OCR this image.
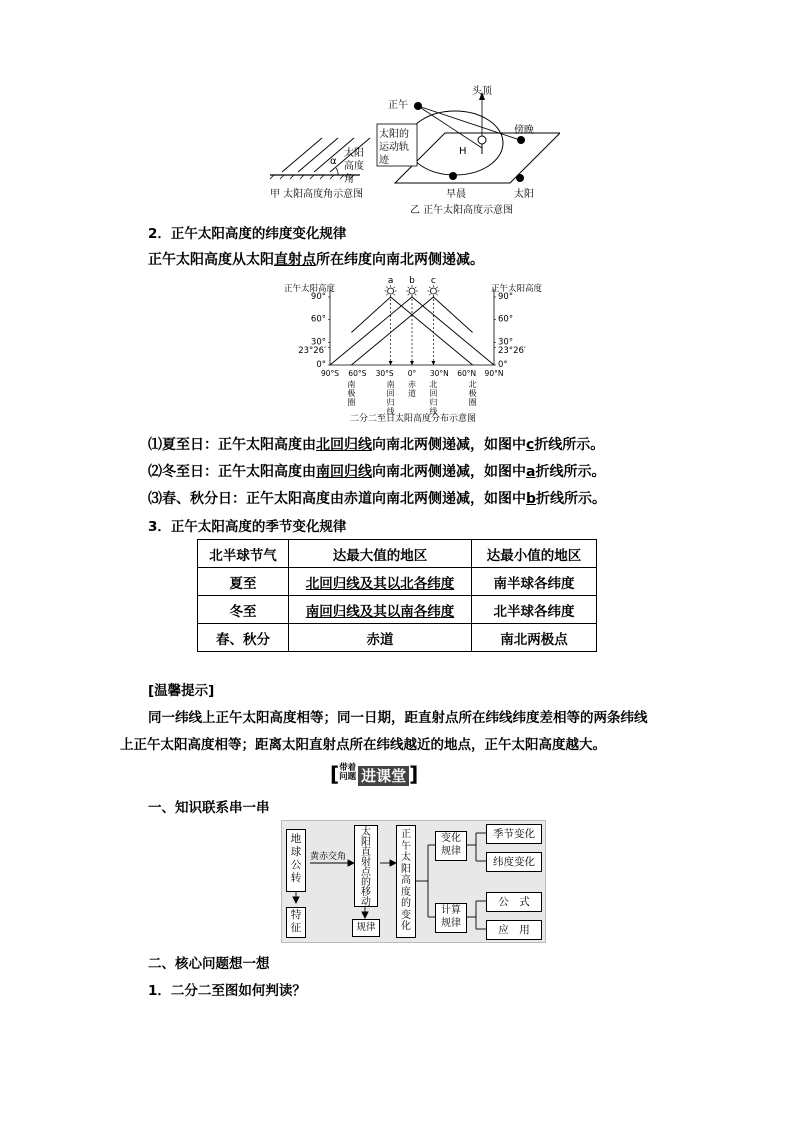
正午
头顶
傍晚
太阳的
运动轨
迹
H
早晨	太阳
α
太阳
高度
角
甲 太阳高度角示意图
乙 正午太阳高度示意图
2．正午太阳高度的纬度变化规律
正午太阳高度从太阳直射点所在纬度向南北两侧递减。
正午太阳高度	正午太阳高度
90°	90°
60°	60°
30°	30°
23°26′	23°26′
0°	0°
90°S 60°S 30°S 0° 30°N 60°N 90°N
a b c
南
极
圈
南
回
归
线
赤
道
北
回
归
线
北
极
圈
二分二至日太阳高度分布示意图
⑴夏至日：正午太阳高度由北回归线向南北两侧递减，如图中c折线所示。
⑵冬至日：正午太阳高度由南回归线向南北两侧递减，如图中a折线所示。
⑶春、秋分日：正午太阳高度由赤道向南北两侧递减，如图中b折线所示。
3．正午太阳高度的季节变化规律
北半球节气	达最大值的地区	达最小值的地区
夏至	北回归线及其以北各纬度	南半球各纬度
冬至	南回归线及其以南各纬度	北半球各纬度
春、秋分	赤道	南北两极点
[温馨提示]
同一纬线上正午太阳高度相等；同一日期，距直射点所在纬线纬度差相等的两条纬线
上正午太阳高度相等；距离太阳直射点所在纬线越近的地点，正午太阳高度越大。
[带着
问题 进课堂 ]
一、知识联系串一串
地
球
公
转
特征

黄赤交角
太
阳
直
射
点
的
移
动
规律
正
午
太
阳
高
度
的
变
化
变化
规律
季节变化
纬度变化
计算
规律
公　式
应　用
二、核心问题想一想
1．二分二至图如何判读？
